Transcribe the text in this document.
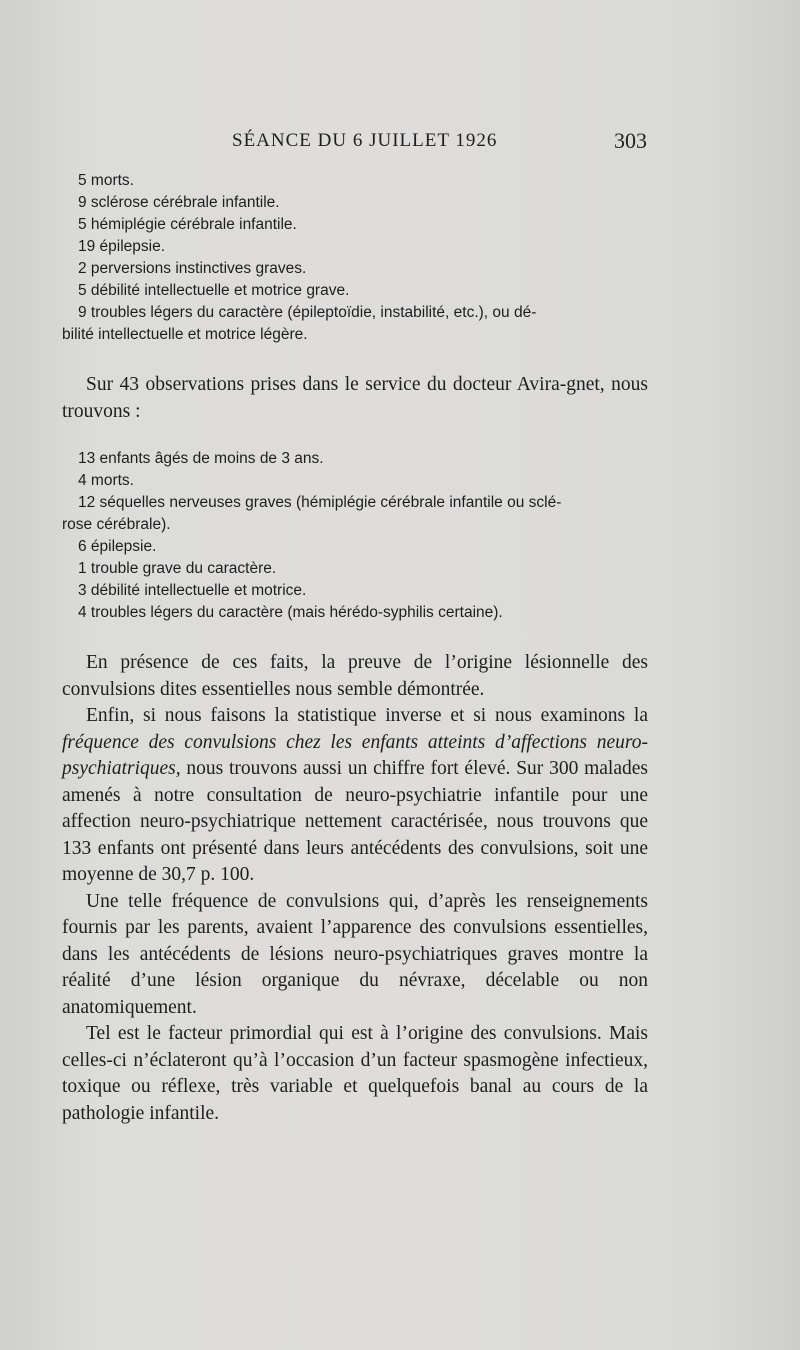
SÉANCE DU 6 JUILLET 1926	303
5 morts.
9 sclérose cérébrale infantile.
5 hémiplégie cérébrale infantile.
19 épilepsie.
2 perversions instinctives graves.
5 débilité intellectuelle et motrice grave.
9 troubles légers du caractère (épileptoïdie, instabilité, etc.), ou dé-
bilité intellectuelle et motrice légère.

Sur 43 observations prises dans le service du docteur Avira-gnet, nous trouvons :

13 enfants âgés de moins de 3 ans.
4 morts.
12 séquelles nerveuses graves (hémiplégie cérébrale infantile ou sclé-
rose cérébrale).
6 épilepsie.
1 trouble grave du caractère.
3 débilité intellectuelle et motrice.
4 troubles légers du caractère (mais hérédo-syphilis certaine).

En présence de ces faits, la preuve de l’origine lésionnelle des convulsions dites essentielles nous semble démontrée.

Enfin, si nous faisons la statistique inverse et si nous examinons la fréquence des convulsions chez les enfants atteints d’affections neuro-psychiatriques, nous trouvons aussi un chiffre fort élevé. Sur 300 malades amenés à notre consultation de neuro-psychiatrie infantile pour une affection neuro-psychiatrique nettement caractérisée, nous trouvons que 133 enfants ont présenté dans leurs antécédents des convulsions, soit une moyenne de 30,7 p. 100.

Une telle fréquence de convulsions qui, d’après les renseignements fournis par les parents, avaient l’apparence des convulsions essentielles, dans les antécédents de lésions neuro-psychiatriques graves montre la réalité d’une lésion organique du névraxe, décelable ou non anatomiquement.

Tel est le facteur primordial qui est à l’origine des convulsions. Mais celles-ci n’éclateront qu’à l’occasion d’un facteur spasmogène infectieux, toxique ou réflexe, très variable et quelquefois banal au cours de la pathologie infantile.
